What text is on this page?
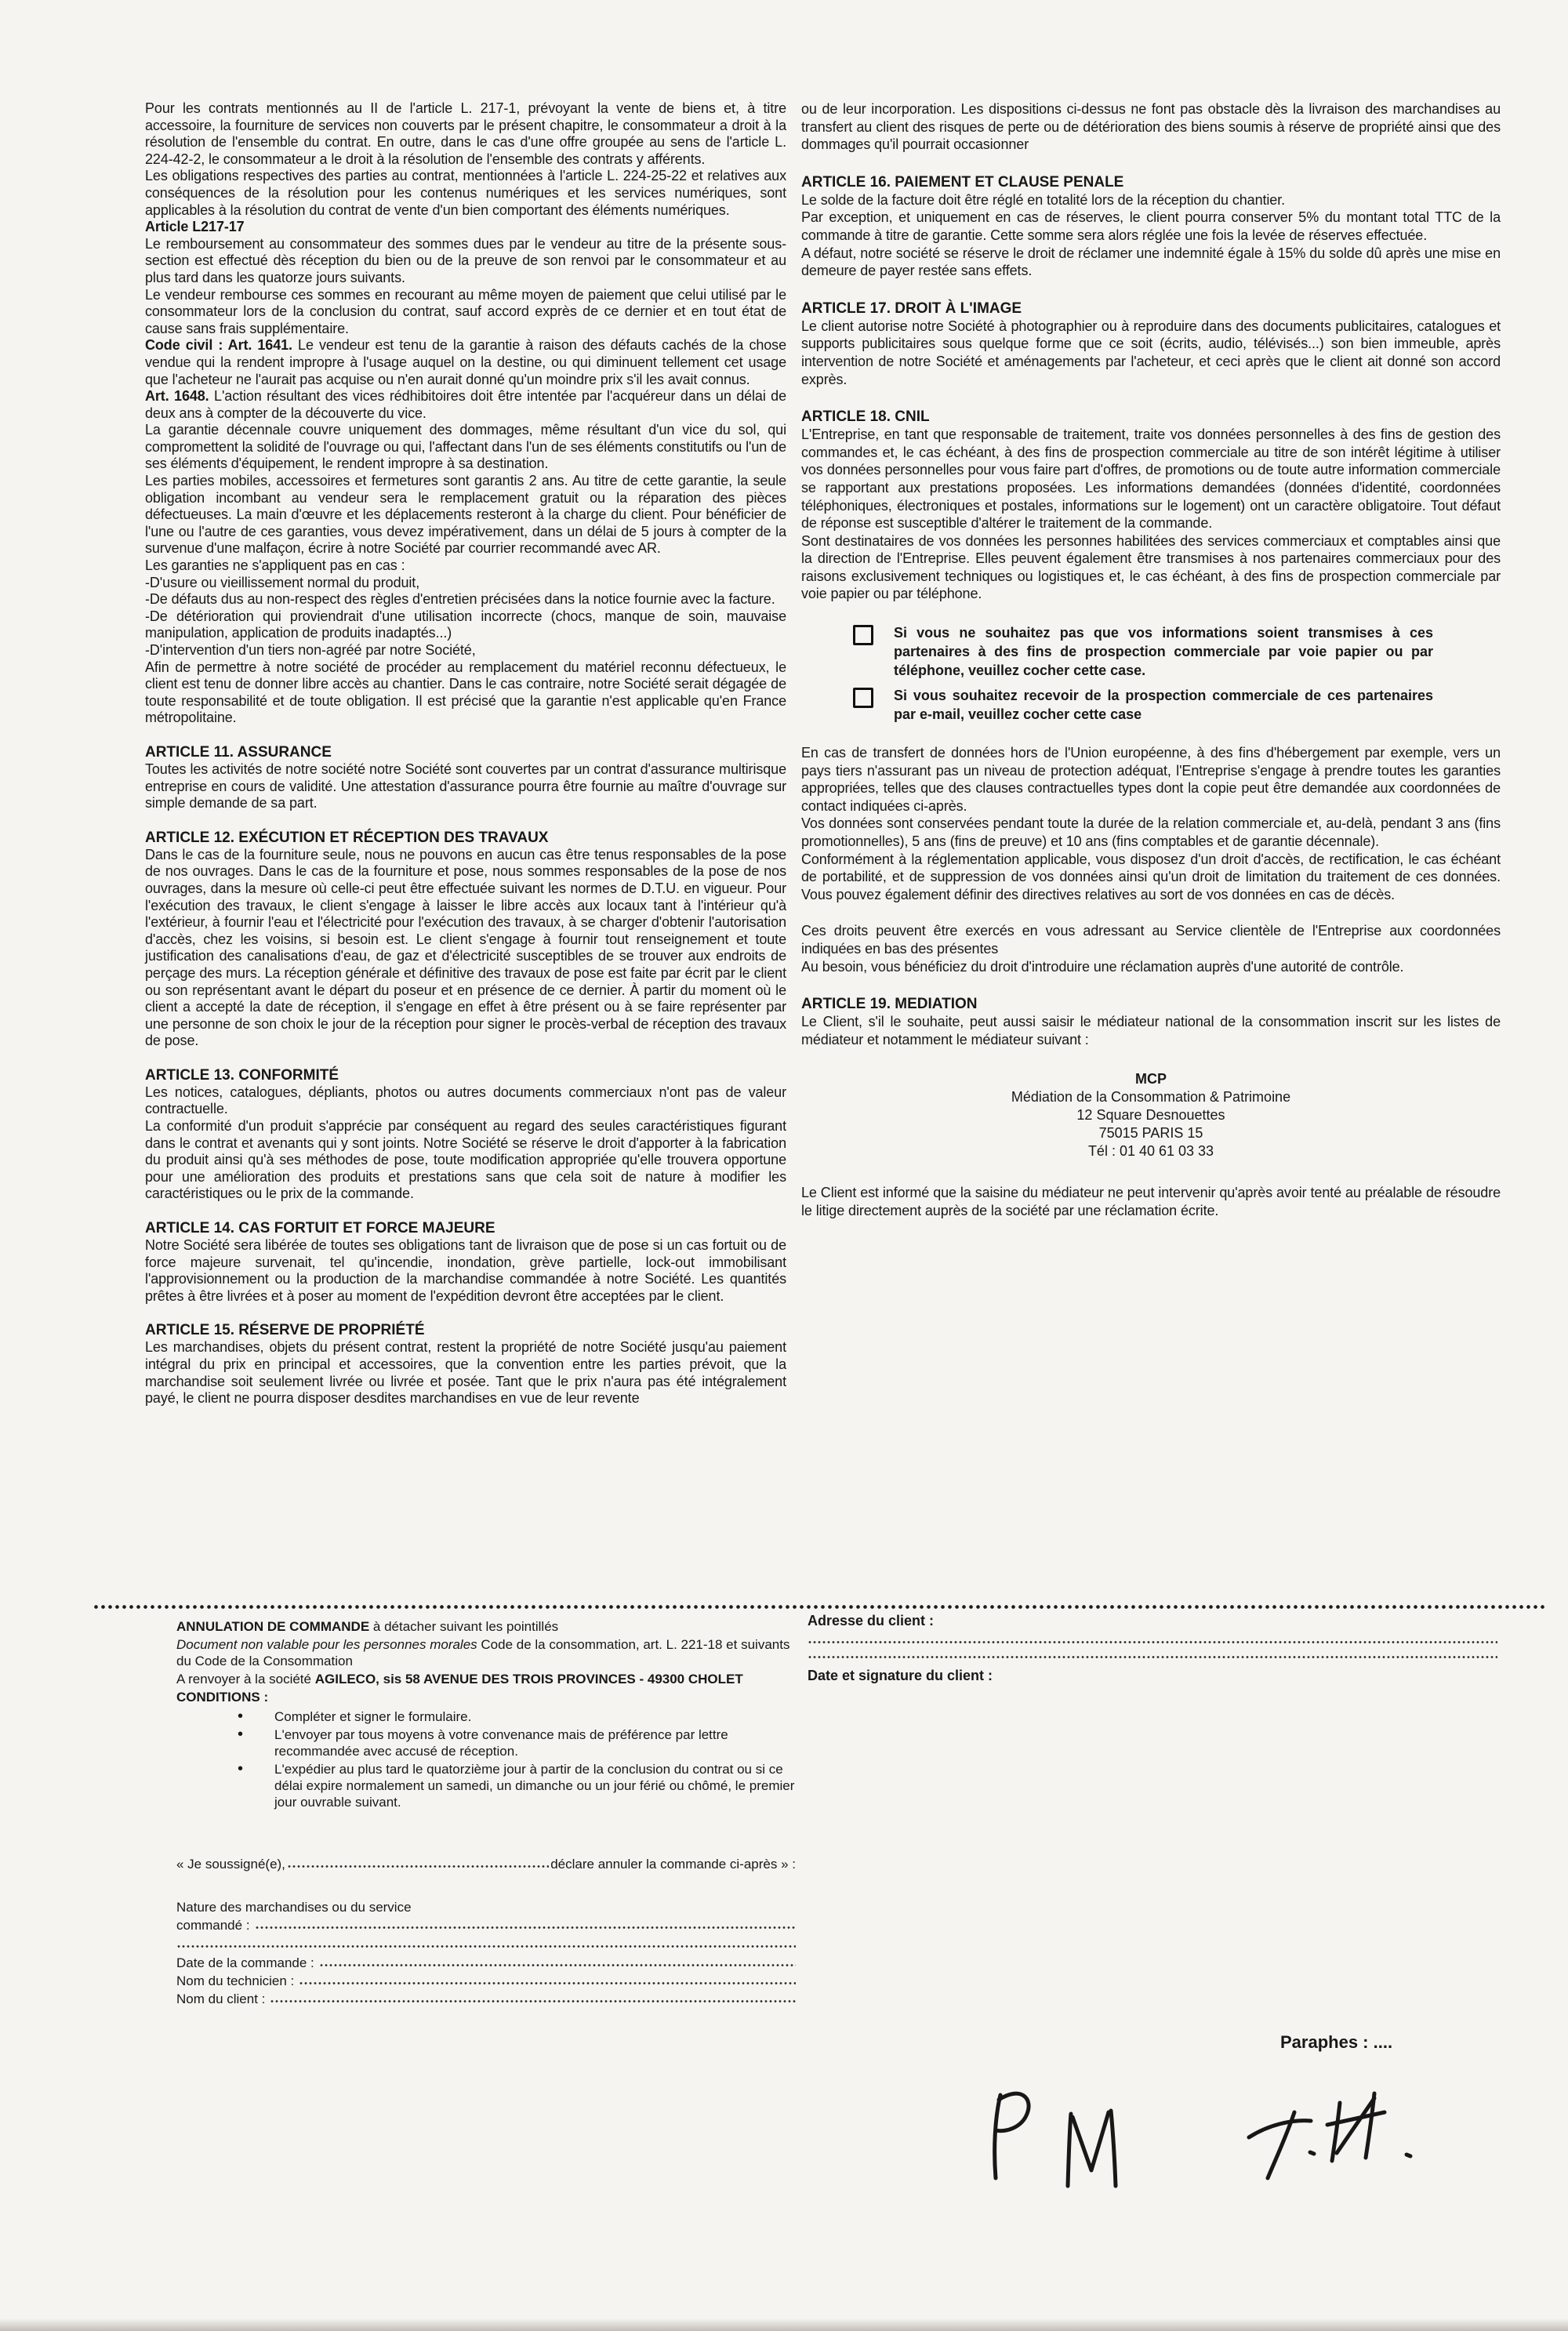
Pour les contrats mentionnés au II de l'article L. 217-1, prévoyant la vente de biens et, à titre accessoire, la fourniture de services non couverts par le présent chapitre, le consommateur a droit à la résolution de l'ensemble du contrat. En outre, dans le cas d'une offre groupée au sens de l'article L. 224-42-2, le consommateur a le droit à la résolution de l'ensemble des contrats y afférents.

Les obligations respectives des parties au contrat, mentionnées à l'article L. 224-25-22 et relatives aux conséquences de la résolution pour les contenus numériques et les services numériques, sont applicables à la résolution du contrat de vente d'un bien comportant des éléments numériques.

Article L217-17

Le remboursement au consommateur des sommes dues par le vendeur au titre de la présente sous-section est effectué dès réception du bien ou de la preuve de son renvoi par le consommateur et au plus tard dans les quatorze jours suivants.

Le vendeur rembourse ces sommes en recourant au même moyen de paiement que celui utilisé par le consommateur lors de la conclusion du contrat, sauf accord exprès de ce dernier et en tout état de cause sans frais supplémentaire.

Code civil : Art. 1641. Le vendeur est tenu de la garantie à raison des défauts cachés de la chose vendue qui la rendent impropre à l'usage auquel on la destine, ou qui diminuent tellement cet usage que l'acheteur ne l'aurait pas acquise ou n'en aurait donné qu'un moindre prix s'il les avait connus.

Art. 1648. L'action résultant des vices rédhibitoires doit être intentée par l'acquéreur dans un délai de deux ans à compter de la découverte du vice.

La garantie décennale couvre uniquement des dommages, même résultant d'un vice du sol, qui compromettent la solidité de l'ouvrage ou qui, l'affectant dans l'un de ses éléments constitutifs ou l'un de ses éléments d'équipement, le rendent impropre à sa destination.

Les parties mobiles, accessoires et fermetures sont garantis 2 ans. Au titre de cette garantie, la seule obligation incombant au vendeur sera le remplacement gratuit ou la réparation des pièces défectueuses. La main d'œuvre et les déplacements resteront à la charge du client. Pour bénéficier de l'une ou l'autre de ces garanties, vous devez impérativement, dans un délai de 5 jours à compter de la survenue d'une malfaçon, écrire à notre Société par courrier recommandé avec AR.

Les garanties ne s'appliquent pas en cas :

-D'usure ou vieillissement normal du produit,

-De défauts dus au non-respect des règles d'entretien précisées dans la notice fournie avec la facture.

-De détérioration qui proviendrait d'une utilisation incorrecte (chocs, manque de soin, mauvaise manipulation, application de produits inadaptés...)

-D'intervention d'un tiers non-agréé par notre Société,

Afin de permettre à notre société de procéder au remplacement du matériel reconnu défectueux, le client est tenu de donner libre accès au chantier. Dans le cas contraire, notre Société serait dégagée de toute responsabilité et de toute obligation. Il est précisé que la garantie n'est applicable qu'en France métropolitaine.

ARTICLE 11. ASSURANCE

Toutes les activités de notre société notre Société sont couvertes par un contrat d'assurance multirisque entreprise en cours de validité. Une attestation d'assurance pourra être fournie au maître d'ouvrage sur simple demande de sa part.

ARTICLE 12. EXÉCUTION ET RÉCEPTION DES TRAVAUX

Dans le cas de la fourniture seule, nous ne pouvons en aucun cas être tenus responsables de la pose de nos ouvrages. Dans le cas de la fourniture et pose, nous sommes responsables de la pose de nos ouvrages, dans la mesure où celle-ci peut être effectuée suivant les normes de D.T.U. en vigueur. Pour l'exécution des travaux, le client s'engage à laisser le libre accès aux locaux tant à l'intérieur qu'à l'extérieur, à fournir l'eau et l'électricité pour l'exécution des travaux, à se charger d'obtenir l'autorisation d'accès, chez les voisins, si besoin est. Le client s'engage à fournir tout renseignement et toute justification des canalisations d'eau, de gaz et d'électricité susceptibles de se trouver aux endroits de perçage des murs. La réception générale et définitive des travaux de pose est faite par écrit par le client ou son représentant avant le départ du poseur et en présence de ce dernier. À partir du moment où le client a accepté la date de réception, il s'engage en effet à être présent ou à se faire représenter par une personne de son choix le jour de la réception pour signer le procès-verbal de réception des travaux de pose.

ARTICLE 13. CONFORMITÉ

Les notices, catalogues, dépliants, photos ou autres documents commerciaux n'ont pas de valeur contractuelle.

La conformité d'un produit s'apprécie par conséquent au regard des seules caractéristiques figurant dans le contrat et avenants qui y sont joints. Notre Société se réserve le droit d'apporter à la fabrication du produit ainsi qu'à ses méthodes de pose, toute modification appropriée qu'elle trouvera opportune pour une amélioration des produits et prestations sans que cela soit de nature à modifier les caractéristiques ou le prix de la commande.

ARTICLE 14. CAS FORTUIT ET FORCE MAJEURE

Notre Société sera libérée de toutes ses obligations tant de livraison que de pose si un cas fortuit ou de force majeure survenait, tel qu'incendie, inondation, grève partielle, lock-out immobilisant l'approvisionnement ou la production de la marchandise commandée à notre Société. Les quantités prêtes à être livrées et à poser au moment de l'expédition devront être acceptées par le client.

ARTICLE 15. RÉSERVE DE PROPRIÉTÉ

Les marchandises, objets du présent contrat, restent la propriété de notre Société jusqu'au paiement intégral du prix en principal et accessoires, que la convention entre les parties prévoit, que la marchandise soit seulement livrée ou livrée et posée. Tant que le prix n'aura pas été intégralement payé, le client ne pourra disposer desdites marchandises en vue de leur revente

ou de leur incorporation. Les dispositions ci-dessus ne font pas obstacle dès la livraison des marchandises au transfert au client des risques de perte ou de détérioration des biens soumis à réserve de propriété ainsi que des dommages qu'il pourrait occasionner

ARTICLE 16. PAIEMENT ET CLAUSE PENALE

Le solde de la facture doit être réglé en totalité lors de la réception du chantier.

Par exception, et uniquement en cas de réserves, le client pourra conserver 5% du montant total TTC de la commande à titre de garantie. Cette somme sera alors réglée une fois la levée de réserves effectuée.

A défaut, notre société se réserve le droit de réclamer une indemnité égale à 15% du solde dû après une mise en demeure de payer restée sans effets.

ARTICLE 17. DROIT À L'IMAGE

Le client autorise notre Société à photographier ou à reproduire dans des documents publicitaires, catalogues et supports publicitaires sous quelque forme que ce soit (écrits, audio, télévisés...) son bien immeuble, après intervention de notre Société et aménagements par l'acheteur, et ceci après que le client ait donné son accord exprès.

ARTICLE 18. CNIL

L'Entreprise, en tant que responsable de traitement, traite vos données personnelles à des fins de gestion des commandes et, le cas échéant, à des fins de prospection commerciale au titre de son intérêt légitime à utiliser vos données personnelles pour vous faire part d'offres, de promotions ou de toute autre information commerciale se rapportant aux prestations proposées. Les informations demandées (données d'identité, coordonnées téléphoniques, électroniques et postales, informations sur le logement) ont un caractère obligatoire. Tout défaut de réponse est susceptible d'altérer le traitement de la commande.

Sont destinataires de vos données les personnes habilitées des services commerciaux et comptables ainsi que la direction de l'Entreprise. Elles peuvent également être transmises à nos partenaires commerciaux pour des raisons exclusivement techniques ou logistiques et, le cas échéant, à des fins de prospection commerciale par voie papier ou par téléphone.

Si vous ne souhaitez pas que vos informations soient transmises à ces partenaires à des fins de prospection commerciale par voie papier ou par téléphone, veuillez cocher cette case.
Si vous souhaitez recevoir de la prospection commerciale de ces partenaires par e-mail, veuillez cocher cette case

En cas de transfert de données hors de l'Union européenne, à des fins d'hébergement par exemple, vers un pays tiers n'assurant pas un niveau de protection adéquat, l'Entreprise s'engage à prendre toutes les garanties appropriées, telles que des clauses contractuelles types dont la copie peut être demandée aux coordonnées de contact indiquées ci-après.

Vos données sont conservées pendant toute la durée de la relation commerciale et, au-delà, pendant 3 ans (fins promotionnelles), 5 ans (fins de preuve) et 10 ans (fins comptables et de garantie décennale).

Conformément à la réglementation applicable, vous disposez d'un droit d'accès, de rectification, le cas échéant de portabilité, et de suppression de vos données ainsi qu'un droit de limitation du traitement de ces données. Vous pouvez également définir des directives relatives au sort de vos données en cas de décès.

Ces droits peuvent être exercés en vous adressant au Service clientèle de l'Entreprise aux coordonnées indiquées en bas des présentes

Au besoin, vous bénéficiez du droit d'introduire une réclamation auprès d'une autorité de contrôle.

ARTICLE 19. MEDIATION

Le Client, s'il le souhaite, peut aussi saisir le médiateur national de la consommation inscrit sur les listes de médiateur et notamment le médiateur suivant :

MCP
Médiation de la Consommation & Patrimoine
12 Square Desnouettes
75015 PARIS 15
Tél : 01 40 61 03 33

Le Client est informé que la saisine du médiateur ne peut intervenir qu'après avoir tenté au préalable de résoudre le litige directement auprès de la société par une réclamation écrite.

ANNULATION DE COMMANDE à détacher suivant les pointillés

Document non valable pour les personnes morales Code de la consommation, art. L. 221-18 et suivants du Code de la Consommation

A renvoyer à la société AGILECO, sis 58 AVENUE DES TROIS PROVINCES - 49300 CHOLET

CONDITIONS :

• Compléter et signer le formulaire.
• L'envoyer par tous moyens à votre convenance mais de préférence par lettre recommandée avec accusé de réception.
• L'expédier au plus tard le quatorzième jour à partir de la conclusion du contrat ou si ce délai expire normalement un samedi, un dimanche ou un jour férié ou chômé, le premier jour ouvrable suivant.
« Je soussigné(e),	déclare annuler la commande ci-après » :
Nature des marchandises ou du service
commandé :
Date de la commande :
Nom du technicien :
Nom du client :

Adresse du client :

Date et signature du client :

Paraphes : ....
